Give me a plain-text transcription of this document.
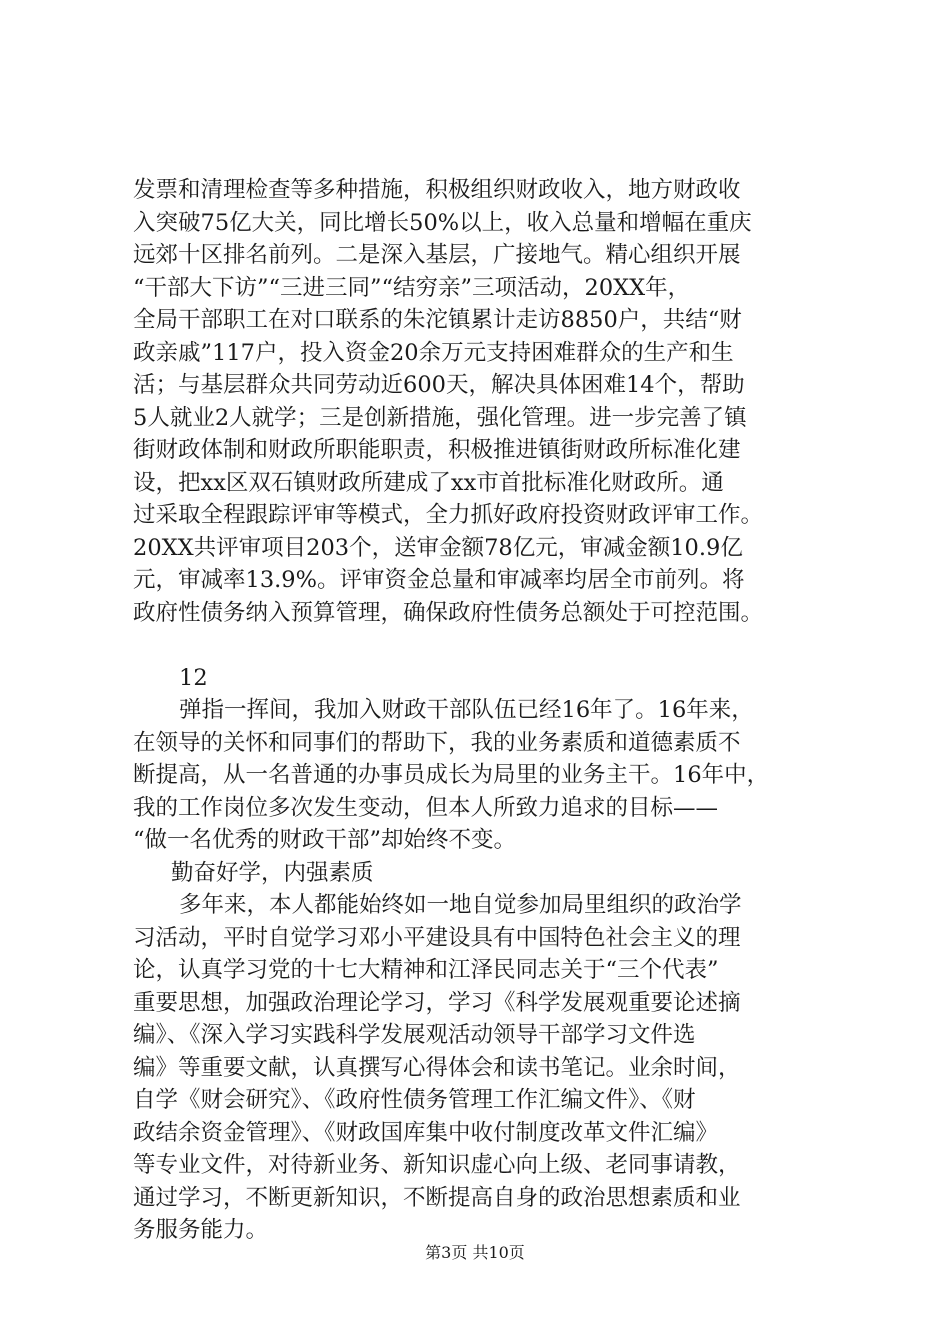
发票和清理检查等多种措施，积极组织财政收入，地方财政收
入突破75亿大关，同比增长50%以上，收入总量和增幅在重庆
远郊十区排名前列。二是深入基层，广接地气。精心组织开展
“干部大下访”“三进三同”“结穷亲”三项活动，20XX年，
全局干部职工在对口联系的朱沱镇累计走访8850户，共结“财
政亲戚”117户，投入资金20余万元支持困难群众的生产和生
活；与基层群众共同劳动近600天，解决具体困难14个，帮助
5人就业2人就学；三是创新措施，强化管理。进一步完善了镇
街财政体制和财政所职能职责，积极推进镇街财政所标准化建
设，把xx区双石镇财政所建成了xx市首批标准化财政所。通
过采取全程跟踪评审等模式，全力抓好政府投资财政评审工作。
20XX共评审项目203个，送审金额78亿元，审减金额10.9亿
元，审减率13.9%。评审资金总量和审减率均居全市前列。将
政府性债务纳入预算管理，确保政府性债务总额处于可控范围。
12
弹指一挥间，我加入财政干部队伍已经16年了。16年来，
在领导的关怀和同事们的帮助下，我的业务素质和道德素质不
断提高，从一名普通的办事员成长为局里的业务主干。16年中，
我的工作岗位多次发生变动，但本人所致力追求的目标——
“做一名优秀的财政干部”却始终不变。
勤奋好学，内强素质
多年来，本人都能始终如一地自觉参加局里组织的政治学
习活动，平时自觉学习邓小平建设具有中国特色社会主义的理
论，认真学习党的十七大精神和江泽民同志关于“三个代表”
重要思想，加强政治理论学习，学习《科学发展观重要论述摘
编》、《深入学习实践科学发展观活动领导干部学习文件选
编》等重要文献，认真撰写心得体会和读书笔记。业余时间，
自学《财会研究》、《政府性债务管理工作汇编文件》、《财
政结余资金管理》、《财政国库集中收付制度改革文件汇编》
等专业文件，对待新业务、新知识虚心向上级、老同事请教，
通过学习，不断更新知识，不断提高自身的政治思想素质和业
务服务能力。
第3页 共10页
